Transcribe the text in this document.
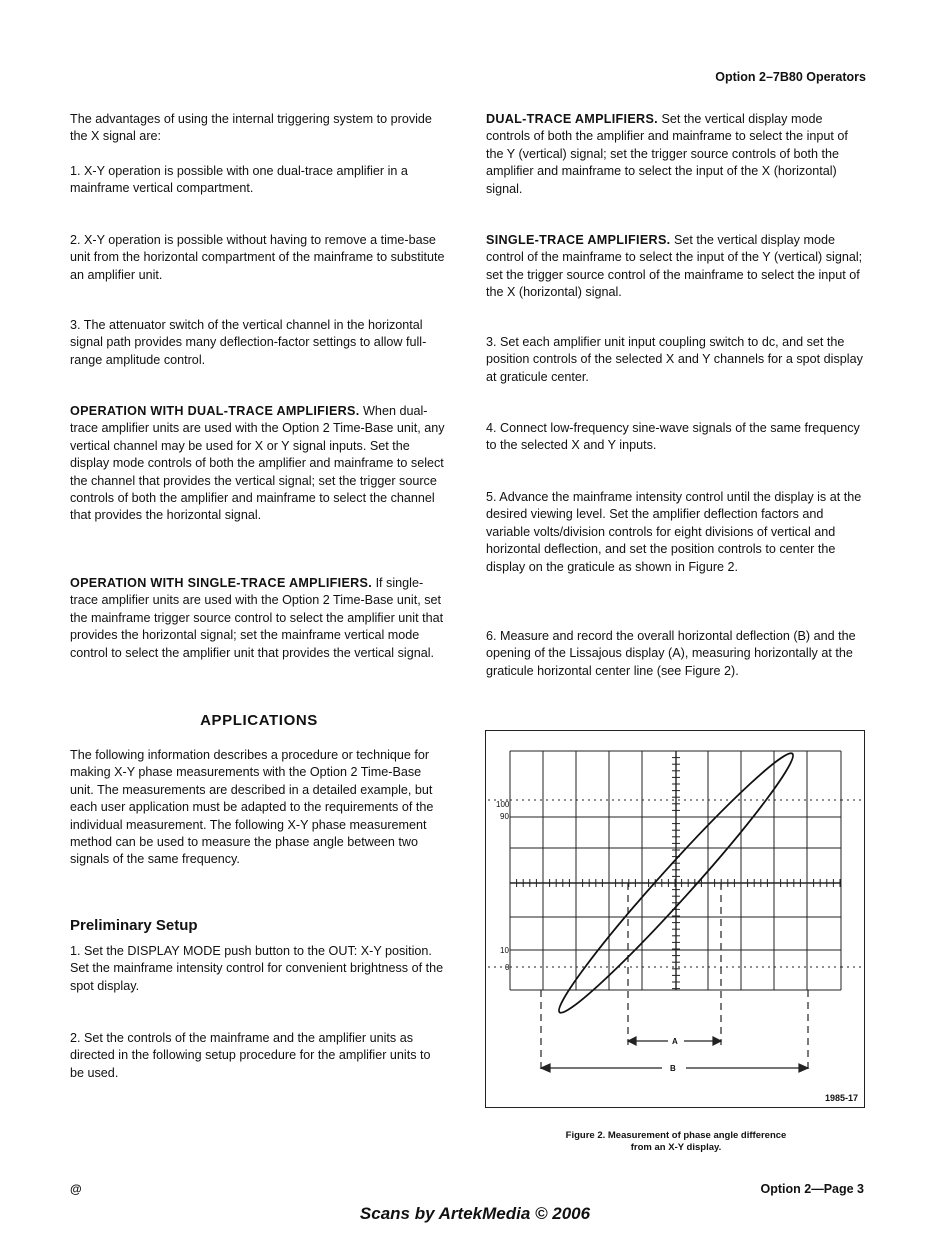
Option 2–7B80 Operators

The advantages of using the internal triggering system to provide the X signal are:

1. X-Y operation is possible with one dual-trace amplifier in a mainframe vertical compartment.

2. X-Y operation is possible without having to remove a time-base unit from the horizontal compartment of the mainframe to substitute an amplifier unit.

3. The attenuator switch of the vertical channel in the horizontal signal path provides many deflection-factor settings to allow full-range amplitude control.

OPERATION WITH DUAL-TRACE AMPLIFIERS. When dual-trace amplifier units are used with the Option 2 Time-Base unit, any vertical channel may be used for X or Y signal inputs. Set the display mode controls of both the amplifier and mainframe to select the channel that provides the vertical signal; set the trigger source controls of both the amplifier and mainframe to select the channel that provides the horizontal signal.

OPERATION WITH SINGLE-TRACE AMPLIFIERS. If single-trace amplifier units are used with the Option 2 Time-Base unit, set the mainframe trigger source control to select the amplifier unit that provides the horizontal signal; set the mainframe vertical mode control to select the amplifier unit that provides the vertical signal.

The following information describes a procedure or technique for making X-Y phase measurements with the Option 2 Time-Base unit. The measurements are described in a detailed example, but each user application must be adapted to the requirements of the individual measurement. The following X-Y phase measurement method can be used to measure the phase angle between two signals of the same frequency.

1. Set the DISPLAY MODE push button to the OUT: X-Y position. Set the mainframe intensity control for convenient brightness of the spot display.

2. Set the controls of the mainframe and the amplifier units as directed in the following setup procedure for the amplifier units to be used.

APPLICATIONS
Preliminary Setup

DUAL-TRACE AMPLIFIERS. Set the vertical display mode controls of both the amplifier and mainframe to select the input of the Y (vertical) signal; set the trigger source controls of both the amplifier and mainframe to select the input of the X (horizontal) signal.

SINGLE-TRACE AMPLIFIERS. Set the vertical display mode control of the mainframe to select the input of the Y (vertical) signal; set the trigger source control of the mainframe to select the input of the X (horizontal) signal.

3. Set each amplifier unit input coupling switch to dc, and set the position controls of the selected X and Y channels for a spot display at graticule center.

4. Connect low-frequency sine-wave signals of the same frequency to the selected X and Y inputs.

5. Advance the mainframe intensity control until the display is at the desired viewing level. Set the amplifier deflection factors and variable volts/division controls for eight divisions of vertical and horizontal deflection, and set the position controls to center the display on the graticule as shown in Figure 2.

6. Measure and record the overall horizontal deflection (B) and the opening of the Lissajous display (A), measuring horizontally at the graticule horizontal center line (see Figure 2).

100
90
10
0
A
B
1985-17
Figure 2. Measurement of phase angle difference
from an X-Y display.
@	Option 2—Page 3
Scans by ArtekMedia © 2006
